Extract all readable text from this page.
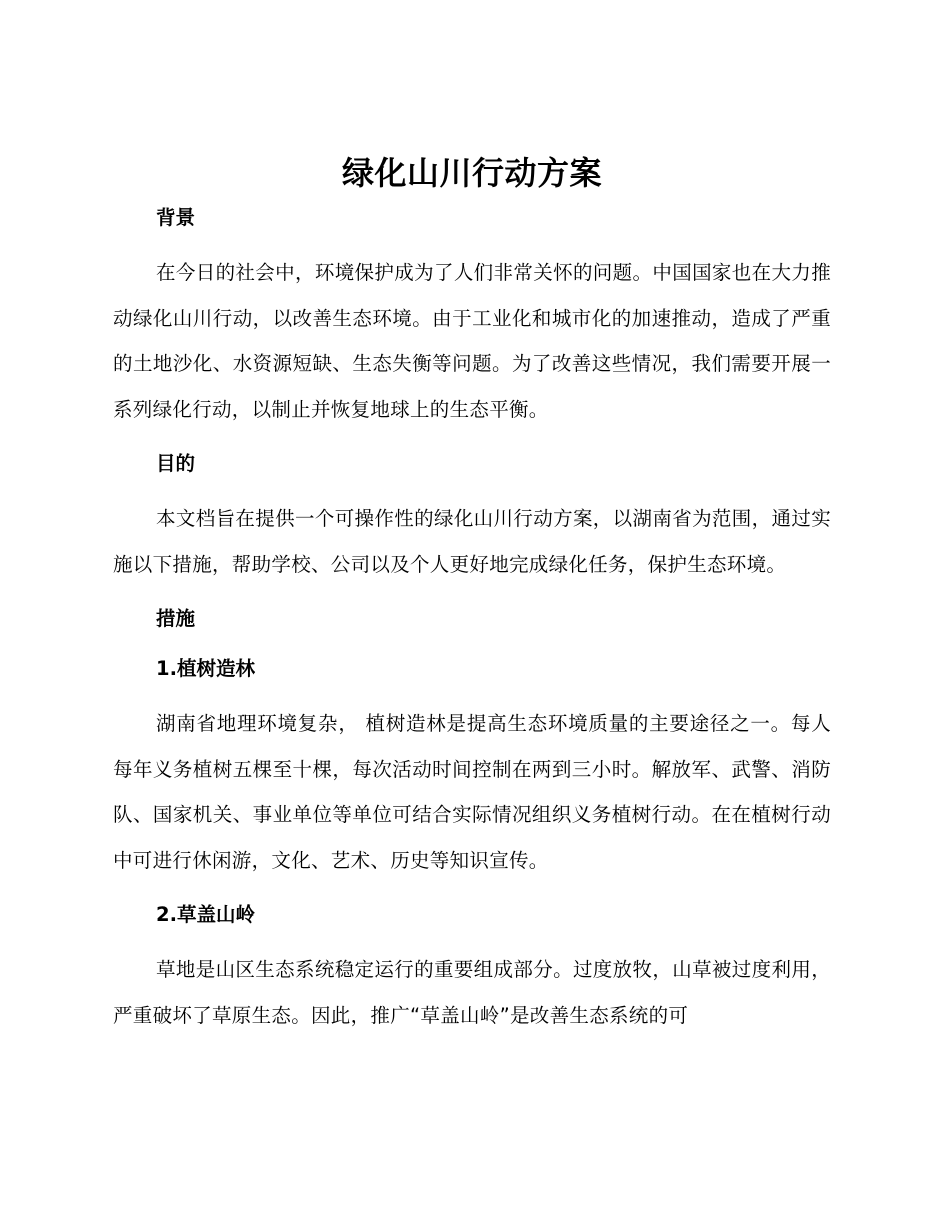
绿化山川行动方案
背景

在今日的社会中，环境保护成为了人们非常关怀的问题。中国国家也在大力推动绿化山川行动，以改善生态环境。由于工业化和城市化的加速推动，造成了严重的土地沙化、水资源短缺、生态失衡等问题。为了改善这些情况，我们需要开展一系列绿化行动，以制止并恢复地球上的生态平衡。

目的

本文档旨在提供一个可操作性的绿化山川行动方案，以湖南省为范围，通过实施以下措施，帮助学校、公司以及个人更好地完成绿化任务，保护生态环境。

措施
1.植树造林

湖南省地理环境复杂， 植树造林是提高生态环境质量的主要途径之一。每人每年义务植树五棵至十棵，每次活动时间控制在两到三小时。解放军、武警、消防队、国家机关、事业单位等单位可结合实际情况组织义务植树行动。在在植树行动中可进行休闲游，文化、艺术、历史等知识宣传。

2.草盖山岭

草地是山区生态系统稳定运行的重要组成部分。过度放牧，山草被过度利用，严重破坏了草原生态。因此，推广“草盖山岭”是改善生态系统的可
